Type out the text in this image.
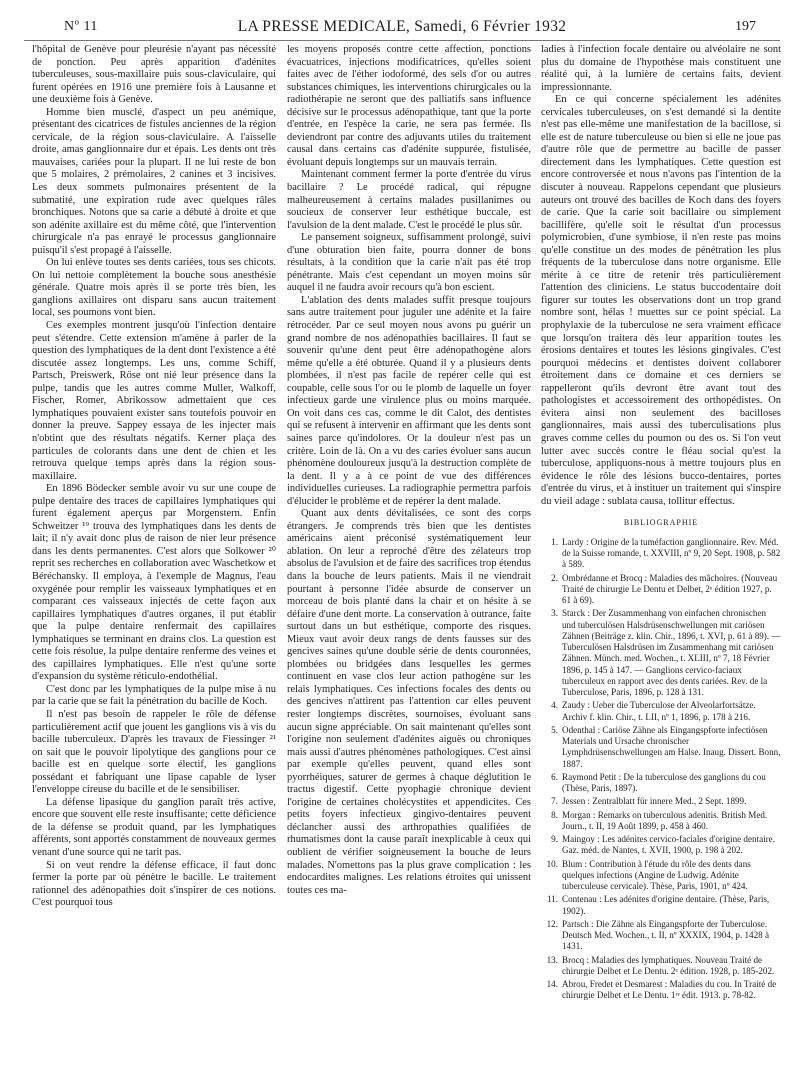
Nº 11	LA PRESSE MEDICALE, Samedi, 6 Février 1932	197

l'hôpital de Genève pour pleurésie n'ayant pas nécessité de ponction. Peu après apparition d'adénites tuberculeuses, sous-maxillaire puis sous-claviculaire, qui furent opérées en 1916 une première fois à Lausanne et une deuxième fois à Genève.

Homme bien musclé, d'aspect un peu anémique, présentant des cicatrices de fistules anciennes de la région cervicale, de la région sous-claviculaire. A l'aisselle droite, amas ganglionnaire dur et épais. Les dents ont très mauvaises, cariées pour la plupart. Il ne lui reste de bon que 5 molaires, 2 prémolaires, 2 canines et 3 incisives. Les deux sommets pulmonaires présentent de la submatité, une expiration rude avec quelques râles bronchiques. Notons que sa carie a débuté à droite et que son adénite axillaire est du même côté, que l'intervention chirurgicale n'a pas enrayé le processus ganglionnaire puisqu'il s'est propagé à l'aisselle.

On lui enlève toutes ses dents cariées, tous ses chicots. On lui nettoie complètement la bouche sous anesthésie générale. Quatre mois après il se porte très bien, les ganglions axillaires ont disparu sans aucun traitement local, ses poumons vont bien.

Ces exemples montrent jusqu'où l'infection dentaire peut s'étendre. Cette extension m'amène à parler de la question des lymphatiques de la dent dont l'existence a été discutée assez longtemps. Les uns, comme Schiff, Partsch, Preiswerk, Röse ont nié leur présence dans la pulpe, tandis que les autres comme Muller, Walkoff, Fischer, Romer, Abrikossow admettaient que ces lymphatiques pouvaient exister sans toutefois pouvoir en donner la preuve. Sappey essaya de les injecter mais n'obtint que des résultats négatifs. Kerner plaça des particules de colorants dans une dent de chien et les retrouva quelque temps après dans la région sous-maxillaire.

En 1896 Bödecker semble avoir vu sur une coupe de pulpe dentaire des traces de capillaires lymphatiques qui furent également aperçus par Morgenstern. Enfin Schweitzer ¹⁹ trouva des lymphatiques dans les dents de lait; il n'y avait donc plus de raison de nier leur présence dans les dents permanentes. C'est alors que Solkower ²⁰ reprit ses recherches en collaboration avec Waschetkow et Béréchansky. Il employa, à l'exemple de Magnus, l'eau oxygénée pour remplir les vaisseaux lymphatiques et en comparant ces vaisseaux injectés de cette façon aux capillaires lymphatiques d'autres organes, il put établir que la pulpe dentaire renfermait des capillaires lymphatiques se terminant en drains clos. La question est cette fois résolue, la pulpe dentaire renferme des veines et des capillaires lymphatiques. Elle n'est qu'une sorte d'expansion du système réticulo-endothélial.

C'est donc par les lymphatiques de la pulpe mise à nu par la carie que se fait la pénétration du bacille de Koch.

Il n'est pas besoin de rappeler le rôle de défense particulièrement actif que jouent les ganglions vis à vis du bacille tuberculeux. D'après les travaux de Fiessinger ²¹ on sait que le pouvoir lipolytique des ganglions pour ce bacille est en quelque sorte électif, les ganglions possédant et fabriquant une lipase capable de lyser l'enveloppe cireuse du bacille et de le sensibiliser.

La défense lipasique du ganglion paraît très active, encore que souvent elle reste insuffisante; cette déficience de la défense se produit quand, par les lymphatiques afférents, sont apportés constamment de nouveaux germes venant d'une source qui ne tarit pas.

Si on veut rendre la défense efficace, il faut donc fermer la porte par où pénètre le bacille. Le traitement rationnel des adénopathies doit s'inspirer de ces notions. C'est pourquoi tous

les moyens proposés contre cette affection, ponctions évacuatrices, injections modificatrices, qu'elles soient faites avec de l'éther iodoformé, des sels d'or ou autres substances chimiques, les interventions chirurgicales ou la radiothérapie ne seront que des palliatifs sans influence décisive sur le processus adénopathique, tant que la porte d'entrée, en l'espèce la carie, ne sera pas fermée. Ils deviendront par contre des adjuvants utiles du traitement causal dans certains cas d'adénite suppurée, fistulisée, évoluant depuis longtemps sur un mauvais terrain.

Maintenant comment fermer la porte d'entrée du virus bacillaire ? Le procédé radical, qui répugne malheureusement à certains malades pusillanimes ou soucieux de conserver leur esthétique buccale, est l'avulsion de la dent malade. C'est le procédé le plus sûr.

Le pansement soigneux, suffisamment prolongé, suivi d'une obturation bien faite, pourra donner de bons résultats, à la condition que la carie n'ait pas été trop pénétrante. Mais c'est cependant un moyen moins sûr auquel il ne faudra avoir recours qu'à bon escient.

L'ablation des dents malades suffit presque toujours sans autre traitement pour juguler une adénite et la faire rétrocéder. Par ce seul moyen nous avons pu guérir un grand nombre de nos adénopathies bacillaires. Il faut se souvenir qu'une dent peut être adénopathogène alors même qu'elle a été obturée. Quand il y a plusieurs dents plombées, il n'est pas facile de repérer celle qui est coupable, celle sous l'or ou le plomb de laquelle un foyer infectieux garde une virulence plus ou moins marquée. On voit dans ces cas, comme le dit Calot, des dentistes qui se refusent à intervenir en affirmant que les dents sont saines parce qu'indolores. Or la douleur n'est pas un critère. Loin de là. On a vu des caries évoluer sans aucun phénomène douloureux jusqu'à la destruction complète de la dent. Il y a à ce point de vue des différences individuelles curieuses. La radiographie permettra parfois d'élucider le problème et de repérer la dent malade.

Quant aux dents dévitalisées, ce sont des corps étrangers. Je comprends très bien que les dentistes américains aient préconisé systématiquement leur ablation. On leur a reproché d'être des zélateurs trop absolus de l'avulsion et de faire des sacrifices trop étendus dans la bouche de leurs patients. Mais il ne viendrait pourtant à personne l'idée absurde de conserver un morceau de bois planté dans la chair et on hésite à se défaire d'une dent morte. La conservation à outrance, faite surtout dans un but esthétique, comporte des risques. Mieux vaut avoir deux rangs de dents fausses sur des gencives saines qu'une double série de dents couronnées, plombées ou bridgées dans lesquelles les germes continuent en vase clos leur action pathogène sur les relais lymphatiques. Ces infections focales des dents ou des gencives n'attirent pas l'attention car elles peuvent rester longtemps discrètes, sournoises, évoluant sans aucun signe appréciable. On sait maintenant qu'elles sont l'origine non seulement d'adénites aiguës ou chroniques mais aussi d'autres phénomènes pathologiques. C'est ainsi par exemple qu'elles peuvent, quand elles sont pyorrhéiques, saturer de germes à chaque déglutition le tractus digestif. Cette pyophagie chronique devient l'origine de certaines cholécystites et appendicites. Ces petits foyers infectieux gingivo-dentaires peuvent déclancher aussi des arthropathies qualifiées de rhumatismes dont la cause paraît inexplicable à ceux qui oublient de vérifier soigneusement la bouche de leurs malades. N'omettons pas la plus grave complication : les endocardites malignes. Les relations étroites qui unissent toutes ces ma-

ladies à l'infection focale dentaire ou alvéolaire ne sont plus du domaine de l'hypothèse mais constituent une réalité qui, à la lumière de certains faits, devient impressionnante.

En ce qui concerne spécialement les adénites cervicales tuberculeuses, on s'est demandé si la dentite n'est pas elle-même une manifestation de la bacillose, si elle est de nature tuberculeuse ou bien si elle ne joue pas d'autre rôle que de permettre au bacille de passer directement dans les lymphatiques. Cette question est encore controversée et nous n'avons pas l'intention de la discuter à nouveau. Rappelons cependant que plusieurs auteurs ont trouvé des bacilles de Koch dans des foyers de carie. Que la carie soit bacillaire ou simplement bacillifère, qu'elle soit le résultat d'un processus polymicrobien, d'une symbiose, il n'en reste pas moins qu'elle constitue un des modes de pénétration les plus fréquents de la tuberculose dans notre organisme. Elle mérite à ce titre de retenir très particulièrement l'attention des cliniciens. Le status buccodentaire doit figurer sur toutes les observations dont un trop grand nombre sont, hélas ! muettes sur ce point spécial. La prophylaxie de la tuberculose ne sera vraiment efficace que lorsqu'on traitera dès leur apparition toutes les érosions dentaires et toutes les lésions gingivales. C'est pourquoi médecins et dentistes doivent collaborer étroitement dans ce domaine et ces derniers se rappelleront qu'ils devront être avant tout des pathologistes et accessoirement des orthopédistes. On évitera ainsi non seulement des bacilloses ganglionnaires, mais aussi des tuberculisations plus graves comme celles du poumon ou des os. Si l'on veut lutter avec succès contre le fléau social qu'est la tuberculose, appliquons-nous à mettre toujours plus en évidence le rôle des lésions bucco-dentaires, portes d'entrée du virus, et à instituer un traitement qui s'inspire du vieil adage : sublata causa, tollitur effectus.

BIBLIOGRAPHIE
1. Lardy : Origine de la tuméfaction ganglionnaire. Rev. Méd. de la Suisse romande, t. XXVIII, nº 9, 20 Sept. 1908, p. 582 à 589.
2. Ombrédanne et Brocq : Maladies des mâchoires. (Nouveau Traité de chirurgie Le Dentu et Delbet, 2ᵉ édition 1927, p. 61 à 69).
3. Starck : Der Zusammenhang von einfachen chronischen und tuberculösen Halsdrüsenschwellungen mit cariösen Zähnen (Beiträge z. klin. Chir., 1896, t. XVI, p. 61 à 89). — Tuberculösen Halsdrüsen im Zusammenhang mit cariösen Zähnen. Münch. med. Wochen., t. XLIII, nº 7, 18 Février 1896, p. 145 à 147. — Ganglions cervico-faciaux tuberculeux en rapport avec des dents cariées. Rev. de la Tuberculose, Paris, 1896, p. 128 à 131.
4. Zaudy : Ueber die Tuberculose der Alveolarfortsätze. Archiv f. klin. Chir., t. LII, nº 1, 1896, p. 178 à 216.
5. Odenthal : Cariöse Zähne als Eingangspforte infectiösen Materials und Ursache chronischer Lymphdrüsenschwellungen am Halse. Inaug. Dissert. Bonn, 1887.
6. Raymond Petit : De la tuberculose des ganglions du cou (Thèse, Paris, 1897).
7. Jessen : Zentralblatt für innere Med., 2 Sept. 1899.
8. Morgan : Remarks on tuberculous adenitis. British Med. Journ., t. II, 19 Août 1899, p. 458 à 460.
9. Maingoy : Les adénites cervico-faciales d'origine dentaire. Gaz. méd. de Nantes, t. XVII, 1900, p. 198 à 202.
10. Blum : Contribution à l'étude du rôle des dents dans quelques infections (Angine de Ludwig. Adénite tuberculeuse cervicale). Thèse, Paris, 1901, nº 424.
11. Contenau : Les adénites d'origine dentaire. (Thèse, Paris, 1902).
12. Partsch : Die Zähne als Eingangspforte der Tuberculose. Deutsch Med. Wochen., t. II, nº XXXIX, 1904, p. 1428 à 1431.
13. Brocq : Maladies des lymphatiques. Nouveau Traité de chirurgie Delbet et Le Dentu. 2ᵉ édition. 1928, p. 185-202.
14. Abrou, Fredet et Desmarest : Maladies du cou. In Traité de chirurgie Delbet et Le Dentu. 1ʳᵉ édit. 1913. p. 78-82.
